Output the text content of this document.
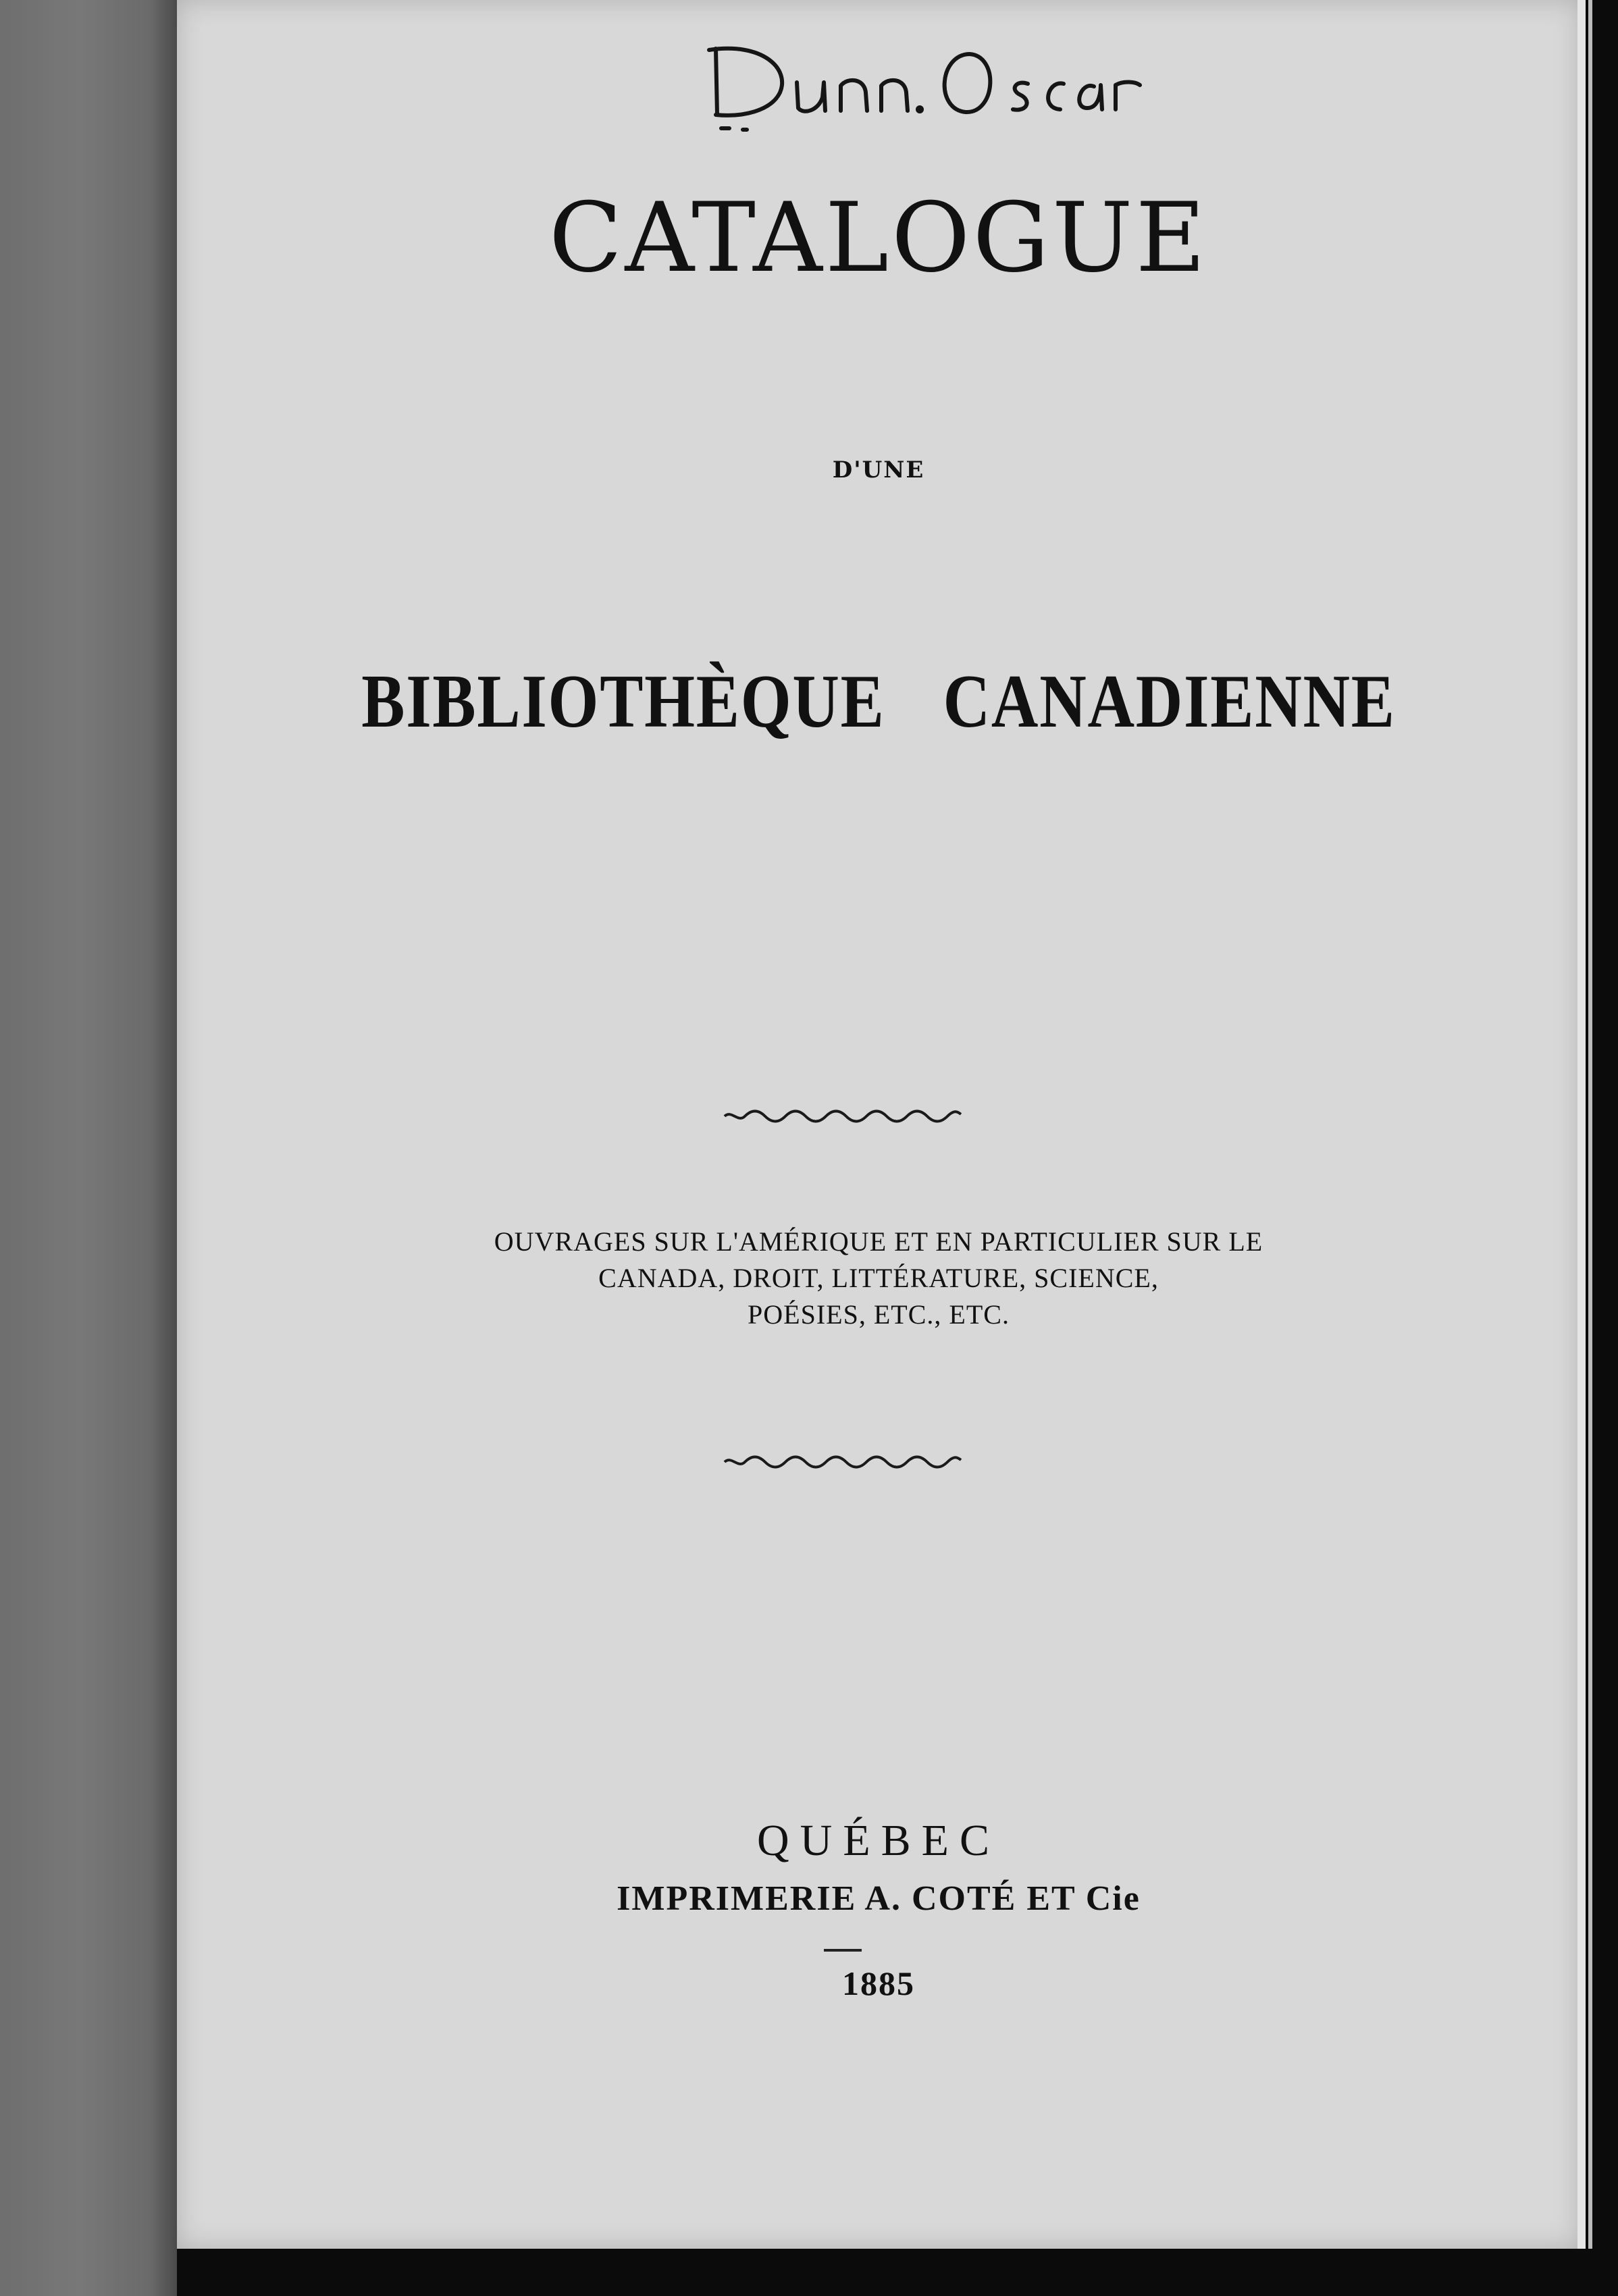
CATALOGUE
D'UNE
BIBLIOTHÈQUE CANADIENNE
OUVRAGES SUR L'AMÉRIQUE ET EN PARTICULIER SUR LE
CANADA, DROIT, LITTÉRATURE, SCIENCE,
POÉSIES, ETC., ETC.
QUÉBEC
IMPRIMERIE A. COTÉ ET Cie
1885
